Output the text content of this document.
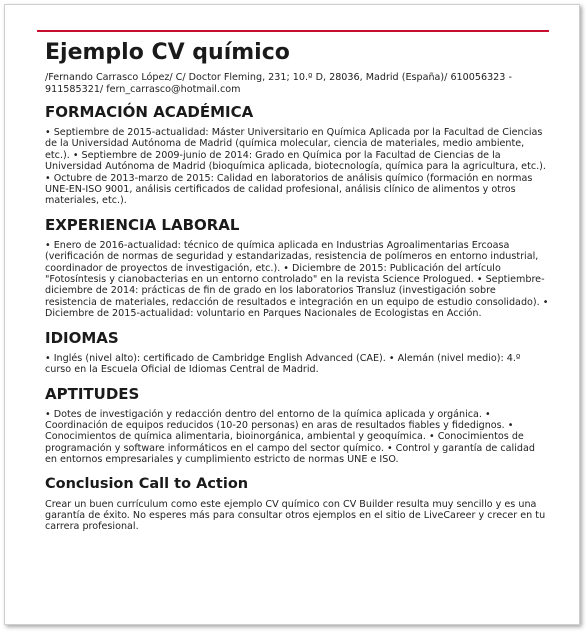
Ejemplo CV químico

/Fernando Carrasco López/ C/ Doctor Fleming, 231; 10.º D, 28036, Madrid (España)/ 610056323 - 911585321/ fern_carrasco@hotmail.com

FORMACIÓN ACADÉMICA

• Septiembre de 2015-actualidad: Máster Universitario en Química Aplicada por la Facultad de Ciencias de la Universidad Autónoma de Madrid (química molecular, ciencia de materiales, medio ambiente, etc.). • Septiembre de 2009-junio de 2014: Grado en Química por la Facultad de Ciencias de la Universidad Autónoma de Madrid (bioquímica aplicada, biotecnología, química para la agricultura, etc.). • Octubre de 2013-marzo de 2015: Calidad en laboratorios de análisis químico (formación en normas UNE-EN-ISO 9001, análisis certificados de calidad profesional, análisis clínico de alimentos y otros materiales, etc.).

EXPERIENCIA LABORAL

• Enero de 2016-actualidad: técnico de química aplicada en Industrias Agroalimentarias Ercoasa (verificación de normas de seguridad y estandarizadas, resistencia de polímeros en entorno industrial, coordinador de proyectos de investigación, etc.). • Diciembre de 2015: Publicación del artículo "Fotosíntesis y cianobacterias en un entorno controlado" en la revista Science Prologued. • Septiembre-diciembre de 2014: prácticas de fin de grado en los laboratorios Transluz (investigación sobre resistencia de materiales, redacción de resultados e integración en un equipo de estudio consolidado). • Diciembre de 2015-actualidad: voluntario en Parques Nacionales de Ecologistas en Acción.

IDIOMAS

• Inglés (nivel alto): certificado de Cambridge English Advanced (CAE). • Alemán (nivel medio): 4.º curso en la Escuela Oficial de Idiomas Central de Madrid.

APTITUDES

• Dotes de investigación y redacción dentro del entorno de la química aplicada y orgánica. • Coordinación de equipos reducidos (10-20 personas) en aras de resultados fiables y fidedignos. • Conocimientos de química alimentaria, bioinorgánica, ambiental y geoquímica. • Conocimientos de programación y software informáticos en el campo del sector químico. • Control y garantía de calidad en entornos empresariales y cumplimiento estricto de normas UNE e ISO.

Conclusion Call to Action

Crear un buen currículum como este ejemplo CV químico con CV Builder resulta muy sencillo y es una garantía de éxito. No esperes más para consultar otros ejemplos en el sitio de LiveCareer y crecer en tu carrera profesional.
